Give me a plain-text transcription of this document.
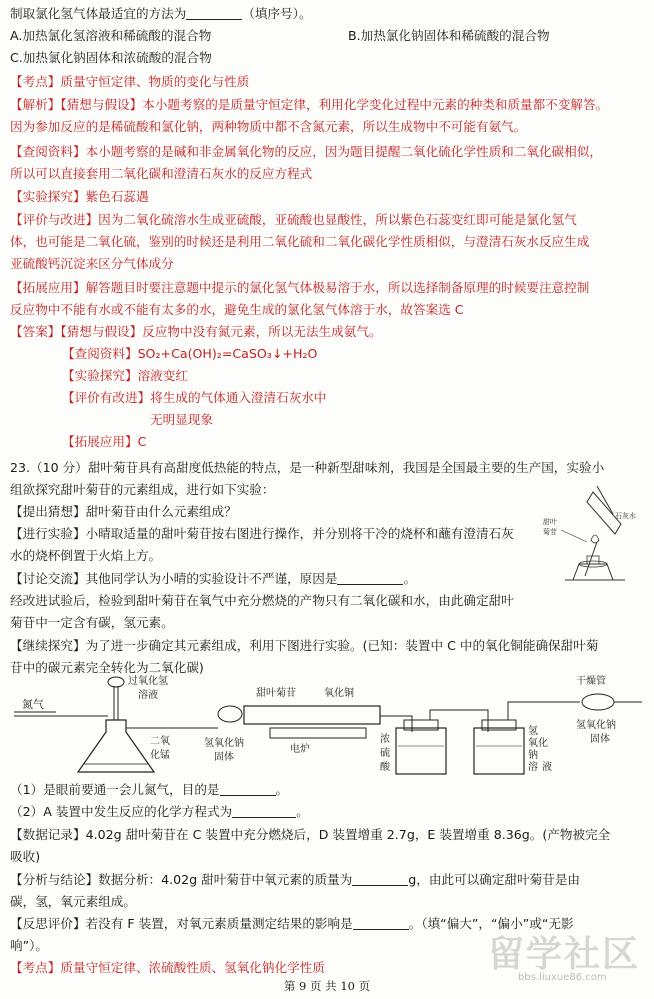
制取氯化氢气体最适宜的方法为	（填序号）。
A.加热氯化氢溶液和稀硫酸的混合物	B.加热氯化钠固体和稀硫酸的混合物
C.加热氯化钠固体和浓硫酸的混合物
【考点】质量守恒定律、物质的变化与性质
【解析】【猜想与假设】本小题考察的是质量守恒定律，利用化学变化过程中元素的种类和质量都不变解答。
因为参加反应的是稀硫酸和氯化钠，两种物质中都不含氮元素，所以生成物中不可能有氨气。
【查阅资料】本小题考察的是碱和非金属氧化物的反应，因为题目提醒二氧化硫化学性质和二氧化碳相似，
所以可以直接套用二氧化碳和澄清石灰水的反应方程式
【实验探究】紫色石蕊遇
【评价与改进】因为二氧化硫溶水生成亚硫酸，亚硫酸也显酸性，所以紫色石蕊变红即可能是氯化氢气
体，也可能是二氧化硫，鉴别的时候还是利用二氧化硫和二氧化碳化学性质相似，与澄清石灰水反应生成
亚硫酸钙沉淀来区分气体成分
【拓展应用】解答题目时要注意题中提示的氯化氢气体极易溶于水，所以选择制备原理的时候要注意控制
反应物中不能有水或不能有太多的水，避免生成的氯化氢气体溶于水，故答案选 C
【答案】【猜想与假设】反应物中没有氮元素，所以无法生成氨气。
【查阅资料】SO₂+Ca(OH)₂=CaSO₃↓+H₂O
【实验探究】溶液变红
【评价有改进】将生成的气体通入澄清石灰水中
无明显现象
【拓展应用】C
23.（10 分）甜叶菊苷具有高甜度低热能的特点，是一种新型甜味剂，我国是全国最主要的生产国，实验小
组欲探究甜叶菊苷的元素组成，进行如下实验：
【提出猜想】甜叶菊苷由什么元素组成？
【进行实验】小晴取适量的甜叶菊苷按右图进行操作，并分别将干冷的烧杯和蘸有澄清石灰
水的烧杯倒置于火焰上方。
【讨论交流】其他同学认为小晴的实验设计不严谨，原因是	。
经改进试验后，检验到甜叶菊苷在氧气中充分燃烧的产物只有二氧化碳和水，由此确定甜叶
菊苷中一定含有碳，氢元素。
【继续探究】为了进一步确定其元素组成，利用下图进行实验。(已知：装置中 C 中的氧化铜能确保甜叶菊
苷中的碳元素完全转化为二氧化碳)
甜叶
菊苷
石灰水
氮气
过氧化氢
溶液
二氧
化锰
氢氧化钠
固体
甜叶菊苷	氧化铜
电炉
浓
硫
酸
氢
氧化
钠
溶 液
干燥管
氢氧化钠
固体
（1）是眼前要通一会儿氮气，目的是	。
（2）A 装置中发生反应的化学方程式为	。
【数据记录】4.02g 甜叶菊苷在 C 装置中充分燃烧后，D 装置增重 2.7g，E 装置增重 8.36g。(产物被完全
吸收)
【分析与结论】数据分析：4.02g 甜叶菊苷中氧元素的质量为	g，由此可以确定甜叶菊苷是由
碳，氢，氧元素组成。
【反思评价】若没有 F 装置，对氧元素质量测定结果的影响是	。（填“偏大”，“偏小”或“无影
响”）。
【考点】质量守恒定律、浓硫酸性质、氢氧化钠化学性质	留学社区
bbs.liuxue86.com
第 9 页 共 10 页
